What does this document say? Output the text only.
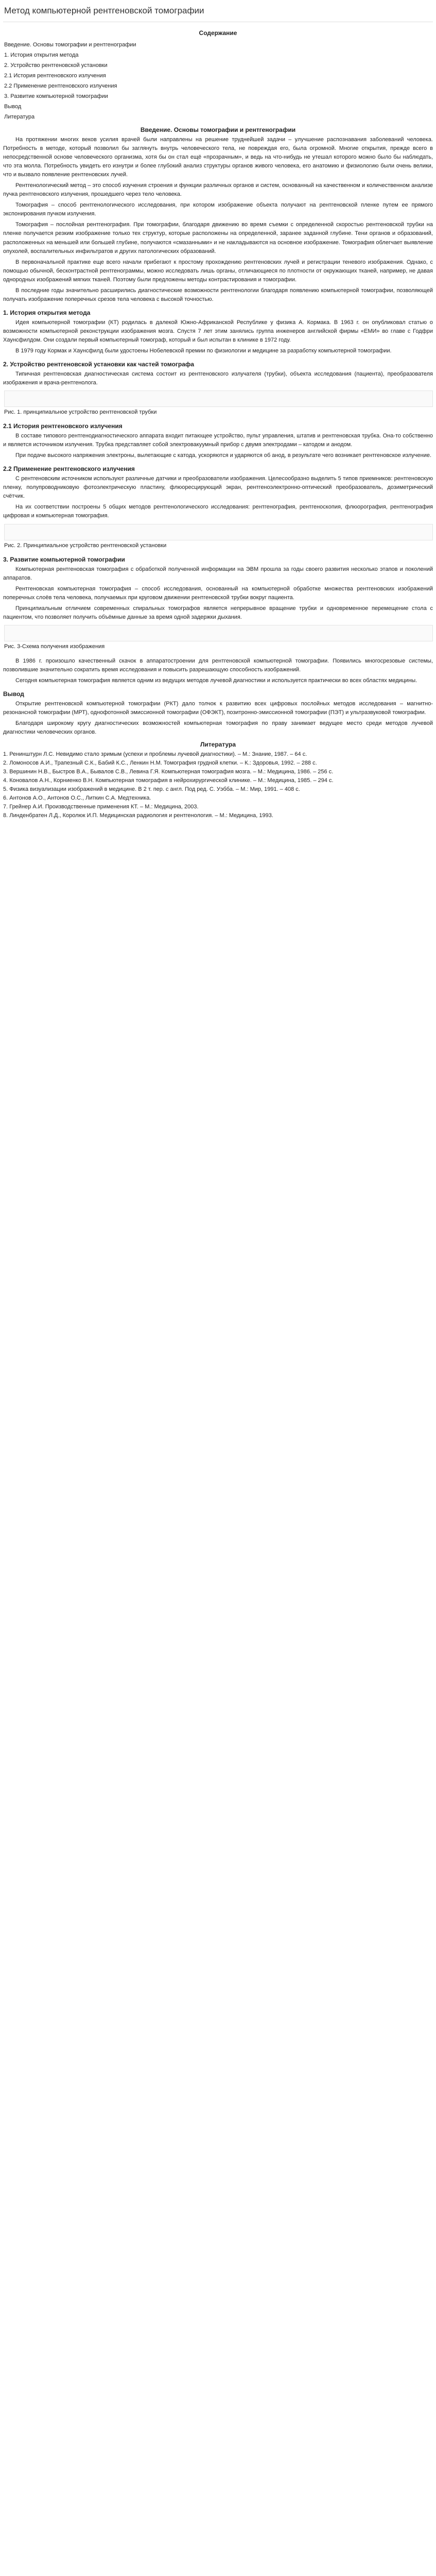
Метод компьютерной рентгеновской томографии
Содержание
Введение. Основы томографии и рентгенографии
1. История открытия метода
2. Устройство рентгеновской установки
2.1 История рентгеновского излучения
2.2 Применение рентгеновского излучения
3. Развитие компьютерной томографии
Вывод
Литература
Введение. Основы томографии и рентгенографии

На протяжении многих веков усилия врачей были направлены на решение труднейшей задачи – улучшение распознавания заболеваний человека. Потребность в методе, который позволил бы заглянуть внутрь человеческого тела, не повреждая его, была огромной. Многие открытия, прежде всего в непосредственной основе человеческого организма, хотя бы он стал ещё «прозрачным», и ведь на что-нибудь не утешал которого можно было бы наблюдать, что эта молла. Потребность увидеть его изнутри и более глубокий анализ структуры органов живого человека, его анатомию и физиологию были очень велики, что и вызвало появление рентгеновских лучей.

Рентгенологический метод – это способ изучения строения и функции различных органов и систем, основанный на качественном и количественном анализе пучка рентгеновского излучения, прошедшего через тело человека.

Томография – способ рентгенологического исследования, при котором изображение объекта получают на рентгеновской пленке путем ее прямого экспонирования пучком излучения.

Томография – послойная рентгенография. При томографии, благодаря движению во время съемки с определенной скоростью рентгеновской трубки на пленке получается резким изображение только тех структур, которые расположены на определенной, заранее заданной глубине. Тени органов и образований, расположенных на меньшей или большей глубине, получаются «смазанными» и не накладываются на основное изображение. Томография облегчает выявление опухолей, воспалительных инфильтратов и других патологических образований.

В первоначальной практике еще всего начали прибегают к простому прохождению рентгеновских лучей и регистрации теневого изображения. Однако, с помощью обычной, бесконтрастной рентгенограммы, можно исследовать лишь органы, отличающиеся по плотности от окружающих тканей, например, не давая однородных изображений мягких тканей. Поэтому были предложены методы контрастирования и томографии.

В последние годы значительно расширились диагностические возможности рентгенологии благодаря появлению компьютерной томографии, позволяющей получать изображение поперечных срезов тела человека с высокой точностью.

1. История открытия метода

Идея компьютерной томографии (КТ) родилась в далекой Южно-Африканской Республике у физика А. Кормака. В 1963 г. он опубликовал статью о возможности компьютерной реконструкции изображения мозга. Спустя 7 лет этим занялись группа инженеров английской фирмы «ЕМИ» во главе с Годфри Хаунсфилдом. Они создали первый компьютерный томограф, который и был испытан в клинике в 1972 году.

В 1979 году Кормак и Хаунсфилд были удостоены Нобелевской премии по физиологии и медицине за разработку компьютерной томографии.

2. Устройство рентгеновской установки как частей томографа

Типичная рентгеновская диагностическая система состоит из рентгеновского излучателя (трубки), объекта исследования (пациента), преобразователя изображения и врача-рентгенолога.

Рис. 1. принципиальное устройство рентгеновской трубки
2.1 История рентгеновского излучения

В составе типового рентгенодиагностического аппарата входит питающее устройство, пульт управления, штатив и рентгеновская трубка. Она-то собственно и является источником излучения. Трубка представляет собой электровакуумный прибор с двумя электродами – катодом и анодом.

При подаче высокого напряжения электроны, вылетающие с катода, ускоряются и ударяются об анод, в результате чего возникает рентгеновское излучение.

2.2 Применение рентгеновского излучения

С рентгеновским источником используют различные датчики и преобразователи изображения. Целесообразно выделить 5 типов приемников: рентгеновскую пленку, полупроводниковую фотоэлектрическую пластину, флюоресцирующий экран, рентгеноэлектронно-оптический преобразователь, дозиметрический счётчик.

На их соответствии построены 5 общих методов рентгенологического исследования: рентгенография, рентгеноскопия, флюорография, рентгенография цифровая и компьютерная томография.

Рис. 2. Принципиальное устройство рентгеновской установки
3. Развитие компьютерной томографии

Компьютерная рентгеновская томография с обработкой полученной информации на ЭВМ прошла за годы своего развития несколько этапов и поколений аппаратов.

Рентгеновская компьютерная томография – способ исследования, основанный на компьютерной обработке множества рентгеновских изображений поперечных слоёв тела человека, получаемых при круговом движении рентгеновской трубки вокруг пациента.

Принципиальным отличием современных спиральных томографов является непрерывное вращение трубки и одновременное перемещение стола с пациентом, что позволяет получить объёмные данные за время одной задержки дыхания.

Рис. 3-Схема получения изображения

В 1986 г. произошло качественный скачок в аппаратостроении для рентгеновской компьютерной томографии. Появились многосрезовые системы, позволившие значительно сократить время исследования и повысить разрешающую способность изображений.

Сегодня компьютерная томография является одним из ведущих методов лучевой диагностики и используется практически во всех областях медицины.

Вывод

Открытие рентгеновской компьютерной томографии (РКТ) дало толчок к развитию всех цифровых послойных методов исследования – магнитно-резонансной томографии (МРТ), однофотонной эмиссионной томографии (ОФЭКТ), позитронно-эмиссионной томографии (ПЭТ) и ультразвуковой томографии.

Благодаря широкому кругу диагностических возможностей компьютерная томография по праву занимает ведущее место среди методов лучевой диагностики человеческих органов.

Литература
1. Ренинштурн Л.С. Невидимо стало зримым (успехи и проблемы лучевой диагностики). – М.: Знание, 1987. – 64 с.
2. Ломоносов А.И., Трапезный С.К., Бабий К.С., Ленкин Н.М. Томография грудной клетки. – К.: Здоровья, 1992. – 288 с.
3. Вершинин Н.В., Быстров В.А., Бывалов С.В., Левина Г.Я. Компьютерная томография мозга. – М.: Медицина, 1986. – 256 с.
4. Коновалов А.Н., Корниенко В.Н. Компьютерная томография в нейрохирургической клинике. – М.: Медицина, 1985. – 294 с.
5. Физика визуализации изображений в медицине. В 2 т. пер. с англ. Под ред. С. Уэбба. – М.: Мир, 1991. – 408 с.
6. Антонов А.О., Антонов О.С., Литкин С.А. Медтехника.
7. Грейнер А.И. Производственные применения КТ. – М.: Медицина, 2003.
8. Линденбратен Л.Д., Королюк И.П. Медицинская радиология и рентгенология. – М.: Медицина, 1993.
